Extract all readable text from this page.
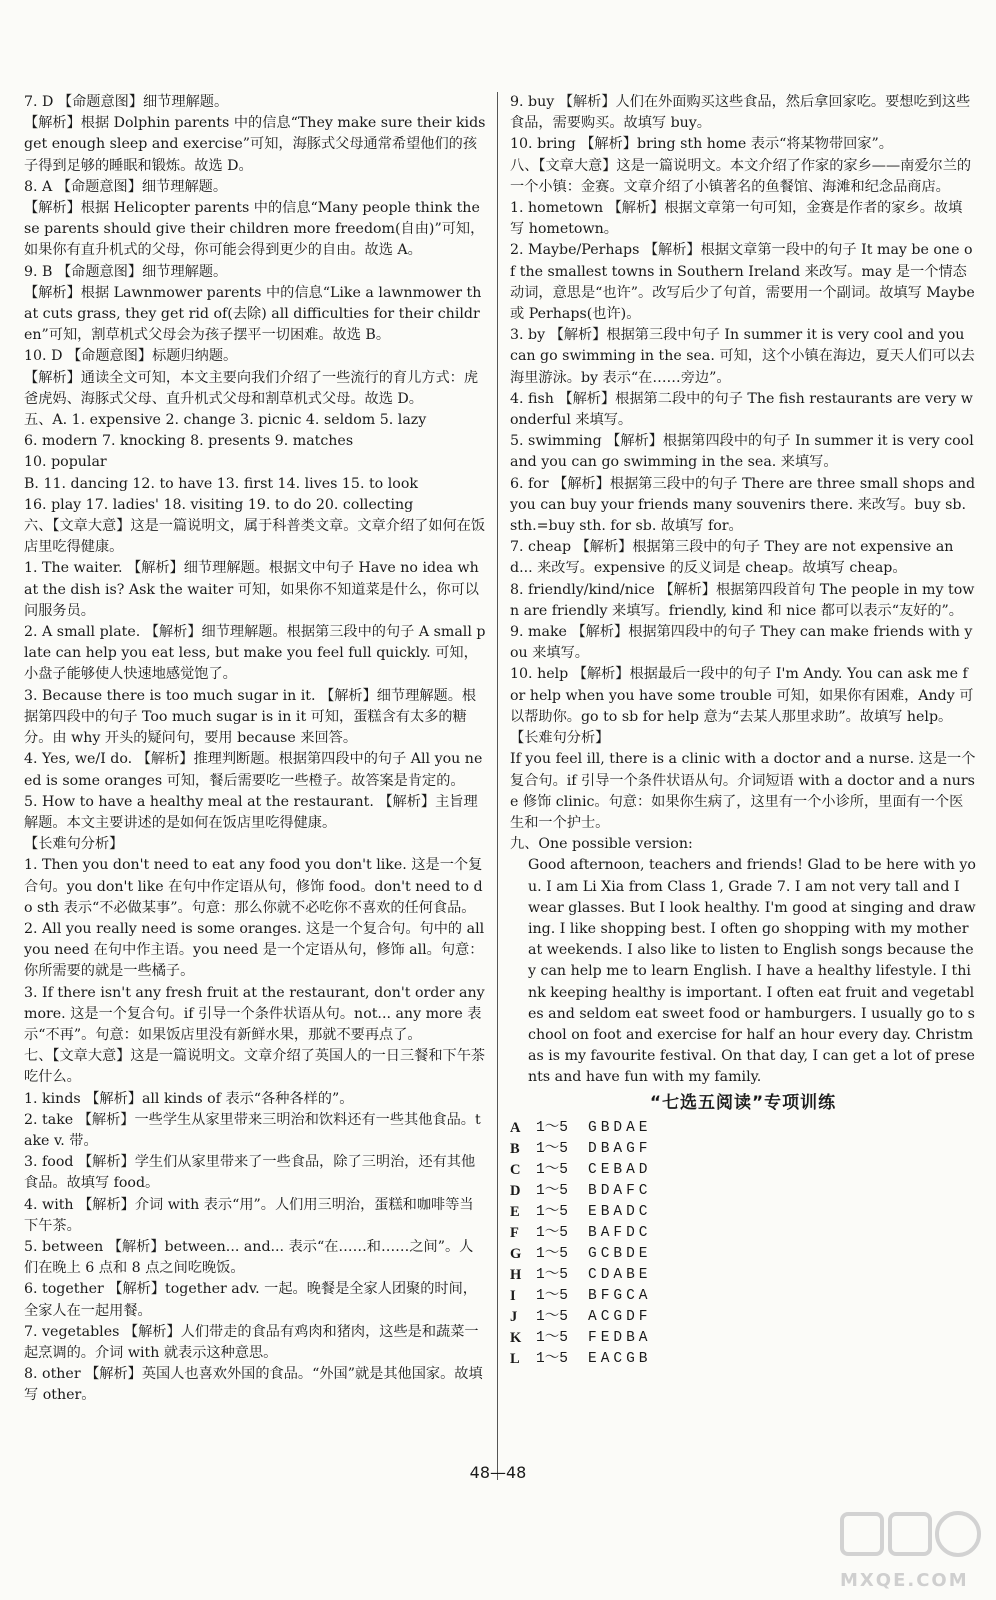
7. D 【命题意图】细节理解题。

【解析】根据 Dolphin parents 中的信息“They make sure their kids get enough sleep and exercise”可知，海豚式父母通常希望他们的孩子得到足够的睡眠和锻炼。故选 D。

8. A 【命题意图】细节理解题。

【解析】根据 Helicopter parents 中的信息“Many people think these parents should give their children more freedom(自由)”可知，如果你有直升机式的父母，你可能会得到更少的自由。故选 A。

9. B 【命题意图】细节理解题。

【解析】根据 Lawnmower parents 中的信息“Like a lawnmower that cuts grass, they get rid of(去除) all difficulties for their children”可知，割草机式父母会为孩子摆平一切困难。故选 B。

10. D 【命题意图】标题归纳题。

【解析】通读全文可知，本文主要向我们介绍了一些流行的育儿方式：虎爸虎妈、海豚式父母、直升机式父母和割草机式父母。故选 D。

五、A. 1. expensive 2. change 3. picnic 4. seldom 5. lazy

6. modern 7. knocking 8. presents 9. matches

10. popular

B. 11. dancing 12. to have 13. first 14. lives 15. to look

16. play 17. ladies' 18. visiting 19. to do 20. collecting

六、【文章大意】这是一篇说明文，属于科普类文章。文章介绍了如何在饭店里吃得健康。

1. The waiter. 【解析】细节理解题。根据文中句子 Have no idea what the dish is? Ask the waiter 可知，如果你不知道菜是什么，你可以问服务员。

2. A small plate. 【解析】细节理解题。根据第三段中的句子 A small plate can help you eat less, but make you feel full quickly. 可知，小盘子能够使人快速地感觉饱了。

3. Because there is too much sugar in it. 【解析】细节理解题。根据第四段中的句子 Too much sugar is in it 可知，蛋糕含有太多的糖分。由 why 开头的疑问句，要用 because 来回答。

4. Yes, we/I do. 【解析】推理判断题。根据第四段中的句子 All you need is some oranges 可知，餐后需要吃一些橙子。故答案是肯定的。

5. How to have a healthy meal at the restaurant. 【解析】主旨理解题。本文主要讲述的是如何在饭店里吃得健康。

【长难句分析】

1. Then you don't need to eat any food you don't like. 这是一个复合句。you don't like 在句中作定语从句，修饰 food。don't need to do sth 表示“不必做某事”。句意：那么你就不必吃你不喜欢的任何食品。

2. All you really need is some oranges. 这是一个复合句。句中的 all you need 在句中作主语。you need 是一个定语从句，修饰 all。句意：你所需要的就是一些橘子。

3. If there isn't any fresh fruit at the restaurant, don't order any more. 这是一个复合句。if 引导一个条件状语从句。not... any more 表示“不再”。句意：如果饭店里没有新鲜水果，那就不要再点了。

七、【文章大意】这是一篇说明文。文章介绍了英国人的一日三餐和下午茶吃什么。

1. kinds 【解析】all kinds of 表示“各种各样的”。

2. take 【解析】一些学生从家里带来三明治和饮料还有一些其他食品。take v. 带。

3. food 【解析】学生们从家里带来了一些食品，除了三明治，还有其他食品。故填写 food。

4. with 【解析】介词 with 表示“用”。人们用三明治，蛋糕和咖啡等当下午茶。

5. between 【解析】between... and... 表示“在……和……之间”。人们在晚上 6 点和 8 点之间吃晚饭。

6. together 【解析】together adv. 一起。晚餐是全家人团聚的时间，全家人在一起用餐。

7. vegetables 【解析】人们带走的食品有鸡肉和猪肉，这些是和蔬菜一起烹调的。介词 with 就表示这种意思。

8. other 【解析】英国人也喜欢外国的食品。“外国”就是其他国家。故填写 other。

9. buy 【解析】人们在外面购买这些食品，然后拿回家吃。要想吃到这些食品，需要购买。故填写 buy。

10. bring 【解析】bring sth home 表示“将某物带回家”。

八、【文章大意】这是一篇说明文。本文介绍了作家的家乡——南爱尔兰的一个小镇：金赛。文章介绍了小镇著名的鱼餐馆、海滩和纪念品商店。

1. hometown 【解析】根据文章第一句可知，金赛是作者的家乡。故填写 hometown。

2. Maybe/Perhaps 【解析】根据文章第一段中的句子 It may be one of the smallest towns in Southern Ireland 来改写。may 是一个情态动词，意思是“也许”。改写后少了句首，需要用一个副词。故填写 Maybe 或 Perhaps(也许)。

3. by 【解析】根据第三段中句子 In summer it is very cool and you can go swimming in the sea. 可知，这个小镇在海边，夏天人们可以去海里游泳。by 表示“在……旁边”。

4. fish 【解析】根据第二段中的句子 The fish restaurants are very wonderful 来填写。

5. swimming 【解析】根据第四段中的句子 In summer it is very cool and you can go swimming in the sea. 来填写。

6. for 【解析】根据第三段中的句子 There are three small shops and you can buy your friends many souvenirs there. 来改写。buy sb. sth.=buy sth. for sb. 故填写 for。

7. cheap 【解析】根据第三段中的句子 They are not expensive and... 来改写。expensive 的反义词是 cheap。故填写 cheap。

8. friendly/kind/nice 【解析】根据第四段首句 The people in my town are friendly 来填写。friendly, kind 和 nice 都可以表示“友好的”。

9. make 【解析】根据第四段中的句子 They can make friends with you 来填写。

10. help 【解析】根据最后一段中的句子 I'm Andy. You can ask me for help when you have some trouble 可知，如果你有困难，Andy 可以帮助你。go to sb for help 意为“去某人那里求助”。故填写 help。

【长难句分析】

If you feel ill, there is a clinic with a doctor and a nurse. 这是一个复合句。if 引导一个条件状语从句。介词短语 with a doctor and a nurse 修饰 clinic。句意：如果你生病了，这里有一个小诊所，里面有一个医生和一个护士。

九、One possible version:

Good afternoon, teachers and friends! Glad to be here with you. I am Li Xia from Class 1, Grade 7. I am not very tall and I wear glasses. But I look healthy. I'm good at singing and drawing. I like shopping best. I often go shopping with my mother at weekends. I also like to listen to English songs because they can help me to learn English. I have a healthy lifestyle. I think keeping healthy is important. I often eat fruit and vegetables and seldom eat sweet food or hamburgers. I usually go to school on foot and exercise for half an hour every day. Christmas is my favourite festival. On that day, I can get a lot of presents and have fun with my family.

“七选五阅读”专项训练
A	1～5	GBDAE
B	1～5	DBAGF
C	1～5	CEBAD
D	1～5	BDAFC
E	1～5	EBADC
F	1～5	BAFDC
G	1～5	GCBDE
H	1～5	CDABE
I	1～5	BFGCA
J	1～5	ACGDF
K	1～5	FEDBA
L	1～5	EACGB
48—48
MXQE.COM
